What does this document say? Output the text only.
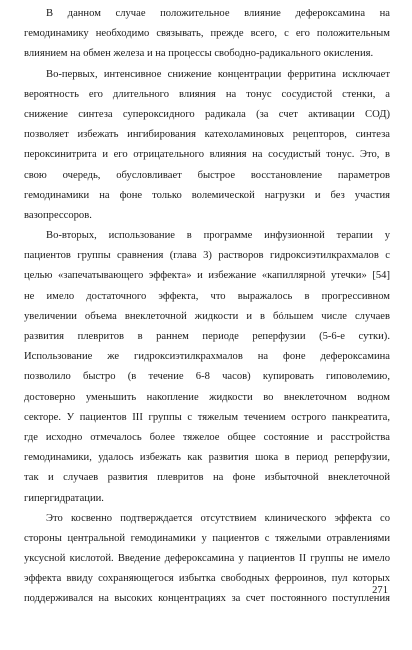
В данном случае положительное влияние дефероксамина на
гемодинамику необходимо связывать, прежде всего, с его положительным
влиянием на обмен железа и на процессы свободно-радикального окисления.
Во-первых, интенсивное снижение концентрации ферритина исключает
вероятность его длительного влияния на тонус сосудистой стенки, а
снижение синтеза супероксидного радикала (за счет активации СОД)
позволяет избежать ингибирования катехоламиновых рецепторов, синтеза
пероксинитрита и его отрицательного влияния на сосудистый тонус. Это, в
свою очередь, обусловливает быстрое восстановление параметров
гемодинамики на фоне только волемической нагрузки и без участия
вазопрессоров.
Во-вторых, использование в программе инфузионной терапии у
пациентов группы сравнения (глава 3) растворов гидроксиэтилкрахмалов с
целью «запечатывающего эффекта» и избежание «капиллярной утечки» [54]
не имело достаточного эффекта, что выражалось в прогрессивном
увеличении объема внеклеточной жидкости и в бóльшем числе случаев
развития плевритов в раннем периоде реперфузии (5-6-е сутки).
Использование же гидроксиэтилкрахмалов на фоне дефероксамина
позволило быстро (в течение 6-8 часов) купировать гиповолемию,
достоверно уменьшить накопление жидкости во внеклеточном водном
секторе. У пациентов III группы с тяжелым течением острого панкреатита,
где исходно отмечалось более тяжелое общее состояние и расстройства
гемодинамики, удалось избежать как развития шока в период реперфузии,
так и случаев развития плевритов на фоне избыточной внеклеточной
гипергидратации.
Это косвенно подтверждается отсутствием клинического эффекта со
стороны центральной гемодинамики у пациентов с тяжелыми отравлениями
уксусной кислотой. Введение дефероксамина у пациентов II группы не имело
эффекта ввиду сохраняющегося избытка свободных ферроинов, пул которых
поддерживался на высоких концентрациях за счет постоянного поступления
271
